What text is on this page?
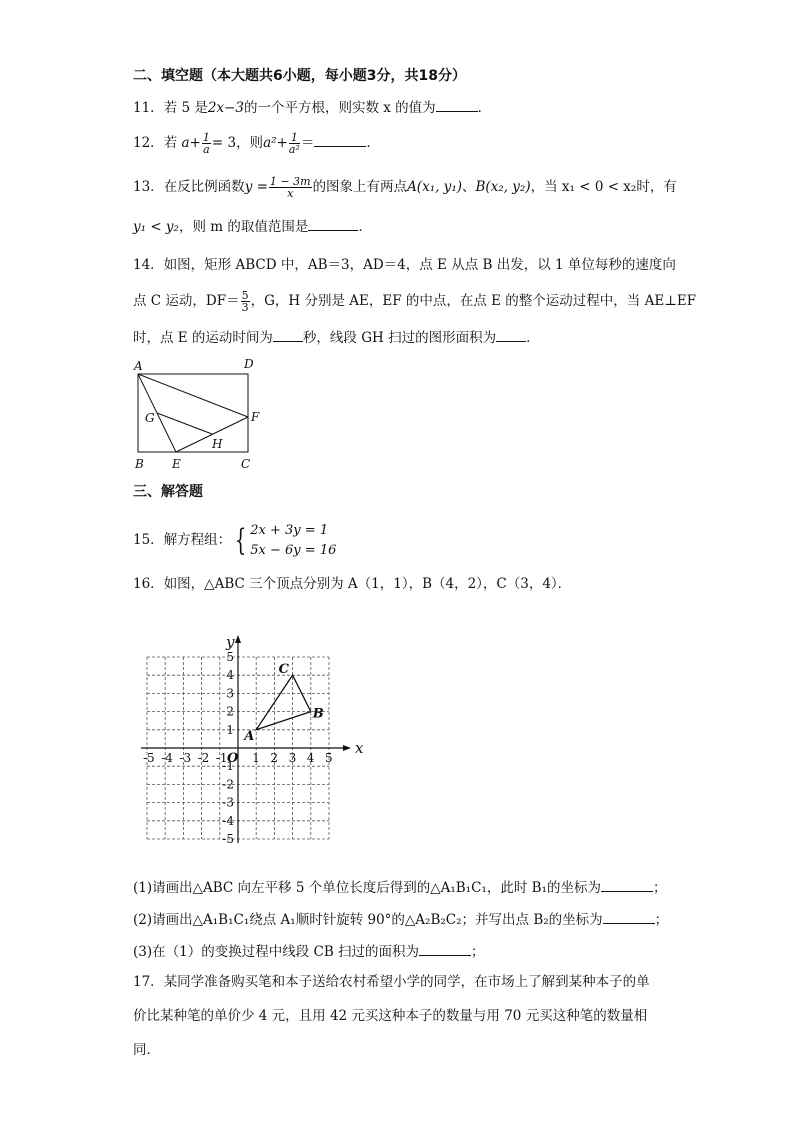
二、填空题（本大题共6小题，每小题3分，共18分）
11．若 5 是2x−3的一个平方根，则实数 x 的值为	．
12．若 $a+ \frac{1}{a} = 3$，则$a^2+ \frac{1}{\text{a²}}$ ＝	．
13．在反比例函数$y = \frac{1 - 3m}{x}$ 的图象上有两点A(x₁, y₁)、B(x₂, y₂)，当 x₁ < 0 < x₂时，有
y₁ < y₂，则 m 的取值范围是	．
14．如图，矩形 ABCD 中，AB＝3，AD＝4，点 E 从点 B 出发，以 1 单位每秒的速度向
点 C 运动，$DF= \frac{5}{3}$ ，G，H 分别是 AE，EF 的中点，在点 E 的整个运动过程中，当 AE⊥EF
时，点 E 的运动时间为 秒，线段 GH 扫过的图形面积为 ．
A	D
F
G
H
B E	C
三、解答题
15．解方程组： { 2x + 3y = 1
5x − 6y = 16
16．如图，△ABC 三个顶点分别为 A（1，1），B（4，2），C（3，4）．
x
y
O
-5 -4 -3 -2 -1 1 2 3 4 5
5
4
3
2
1
-1
-2
-3
-4
-5
A
B
C
(1)请画出△ABC 向左平移 5 个单位长度后得到的△A₁B₁C₁，此时 B₁的坐标为	；
(2)请画出△A₁B₁C₁绕点 A₁顺时针旋转 90°的△A₂B₂C₂；并写出点 B₂的坐标为	；
(3)在（1）的变换过程中线段 CB 扫过的面积为	；
17．某同学准备购买笔和本子送给农村希望小学的同学，在市场上了解到某种本子的单
价比某种笔的单价少 4 元，且用 42 元买这种本子的数量与用 70 元买这种笔的数量相
同．
